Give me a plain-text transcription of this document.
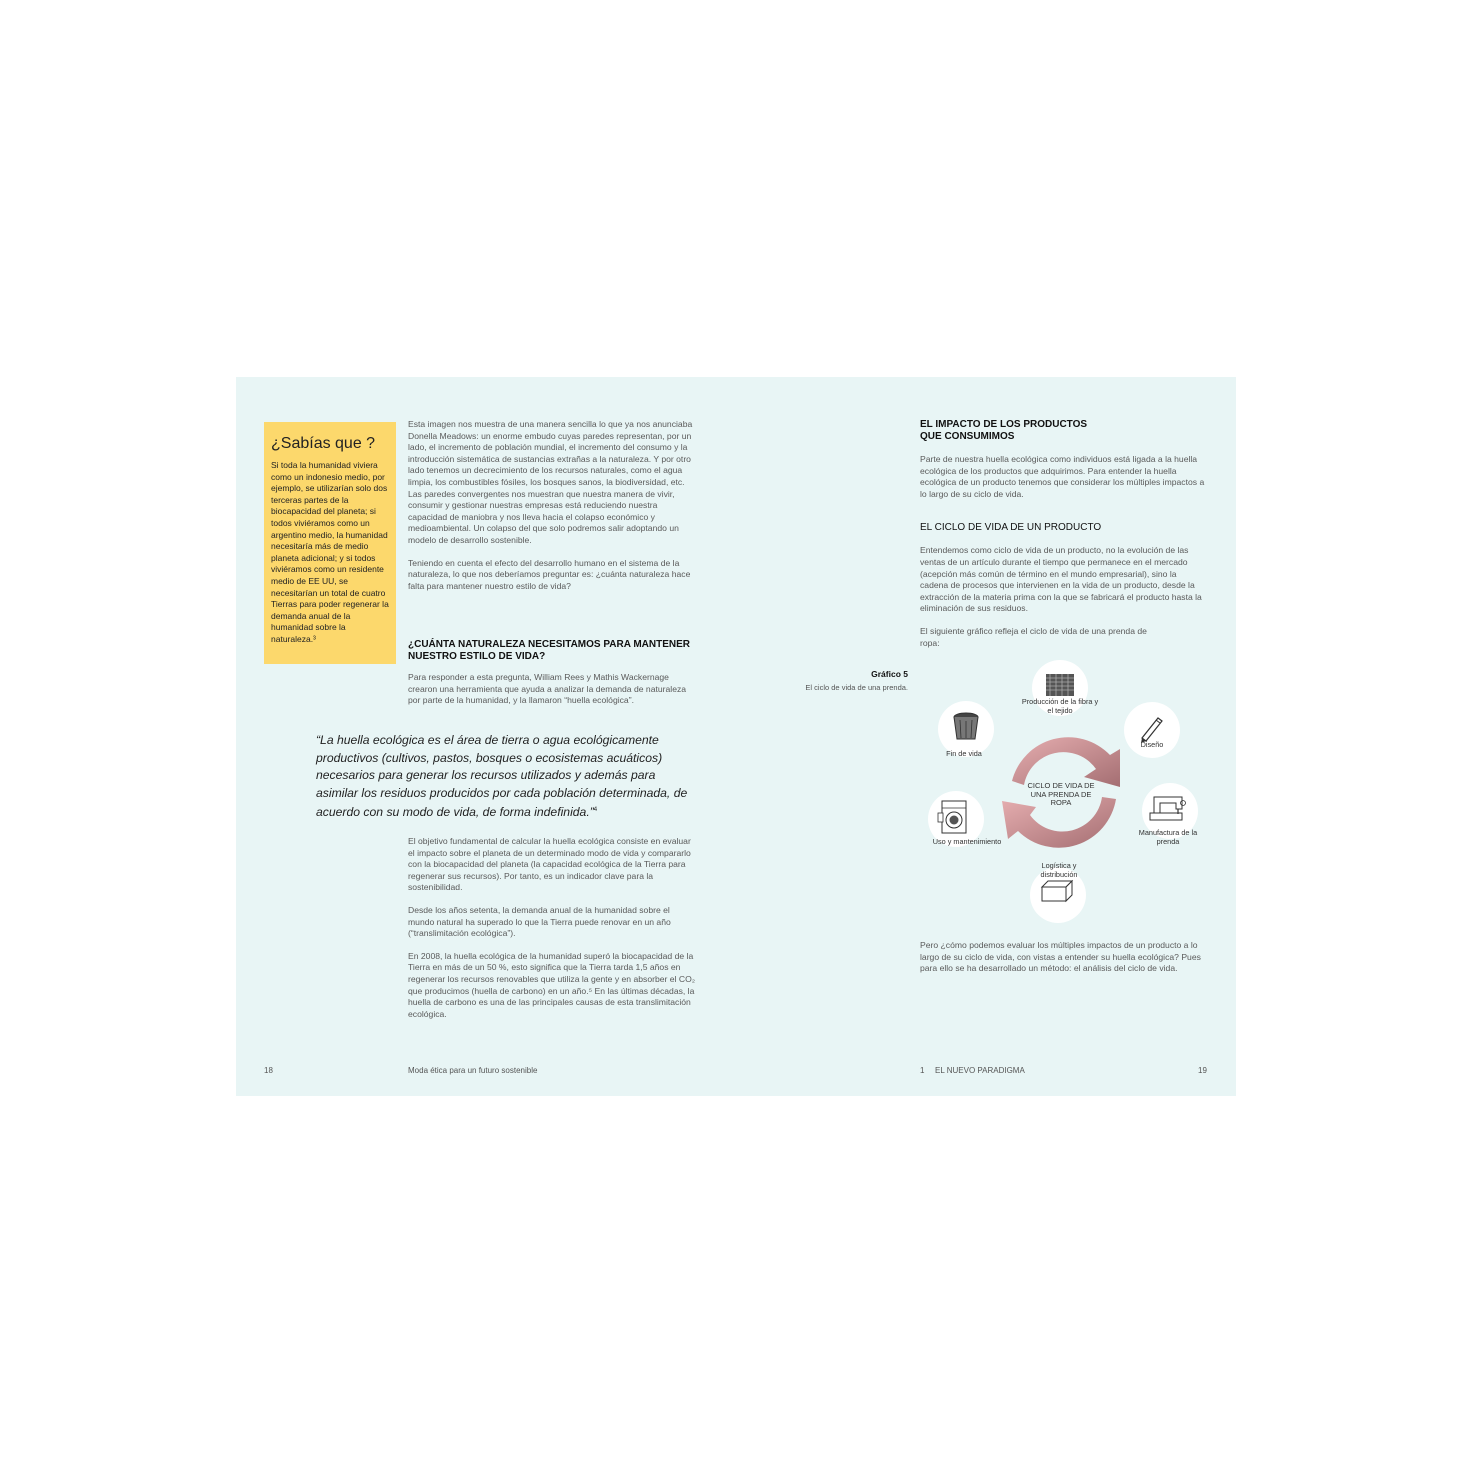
¿Sabías que ?

Si toda la humanidad viviera como un indonesio medio, por ejemplo, se utilizarían solo dos terceras partes de la biocapacidad del planeta; si todos viviéramos como un argentino medio, la humanidad necesitaría más de medio planeta adicional; y si todos viviéramos como un residente medio de EE UU, se necesitarían un total de cuatro Tierras para poder regenerar la demanda anual de la humanidad sobre la naturaleza.³

Esta imagen nos muestra de una manera sencilla lo que ya nos anunciaba Donella Meadows: un enorme embudo cuyas paredes representan, por un lado, el incremento de población mundial, el incremento del consumo y la introducción sistemática de sustancias extrañas a la naturaleza. Y por otro lado tenemos un decrecimiento de los recursos naturales, como el agua limpia, los combustibles fósiles, los bosques sanos, la biodiversidad, etc.

Las paredes convergentes nos muestran que nuestra manera de vivir, consumir y gestionar nuestras empresas está reduciendo nuestra capacidad de maniobra y nos lleva hacia el colapso económico y medioambiental. Un colapso del que solo podremos salir adoptando un modelo de desarrollo sostenible.

Teniendo en cuenta el efecto del desarrollo humano en el sistema de la naturaleza, lo que nos deberíamos preguntar es: ¿cuánta naturaleza hace falta para mantener nuestro estilo de vida?

¿CUÁNTA NATURALEZA NECESITAMOS PARA MANTENER NUESTRO ESTILO DE VIDA?

Para responder a esta pregunta, William Rees y Mathis Wackernage crearon una herramienta que ayuda a analizar la demanda de naturaleza por parte de la humanidad, y la llamaron “huella ecológica”.

“La huella ecológica es el área de tierra o agua ecológicamente productivos (cultivos, pastos, bosques o ecosistemas acuáticos) necesarios para generar los recursos utilizados y además para asimilar los residuos producidos por cada población determinada, de acuerdo con su modo de vida, de forma indefinida.”$^4$

El objetivo fundamental de calcular la huella ecológica consiste en evaluar el impacto sobre el planeta de un determinado modo de vida y compararlo con la biocapacidad del planeta (la capacidad ecológica de la Tierra para regenerar sus recursos). Por tanto, es un indicador clave para la sostenibilidad.

Desde los años setenta, la demanda anual de la humanidad sobre el mundo natural ha superado lo que la Tierra puede renovar en un año (“translimitación ecológica”).

En 2008, la huella ecológica de la humanidad superó la biocapacidad de la Tierra en más de un 50 %, esto significa que la Tierra tarda 1,5 años en regenerar los recursos renovables que utiliza la gente y en absorber el CO₂ que producimos (huella de carbono) en un año.⁵ En las últimas décadas, la huella de carbono es una de las principales causas de esta translimitación ecológica.

18	Moda ética para un futuro sostenible

EL IMPACTO DE LOS PRODUCTOS QUE CONSUMIMOS

Parte de nuestra huella ecológica como individuos está ligada a la huella ecológica de los productos que adquirimos. Para entender la huella ecológica de un producto tenemos que considerar los múltiples impactos a lo largo de su ciclo de vida.

EL CICLO DE VIDA DE UN PRODUCTO

Entendemos como ciclo de vida de un producto, no la evolución de las ventas de un artículo durante el tiempo que permanece en el mercado (acepción más común de término en el mundo empresarial), sino la cadena de procesos que intervienen en la vida de un producto, desde la extracción de la materia prima con la que se fabricará el producto hasta la eliminación de sus residuos.

El siguiente gráfico refleja el ciclo de vida de una prenda de ropa:

Gráfico 5
El ciclo de vida de una prenda.
CICLO DE VIDA DE UNA PRENDA DE ROPA
Producción de la fibra y el tejido
Diseño
Manufactura de la prenda
Logística y distribución
Uso y mantenimiento
Fin de vida

Pero ¿cómo podemos evaluar los múltiples impactos de un producto a lo largo de su ciclo de vida, con vistas a entender su huella ecológica? Pues para ello se ha desarrollado un método: el análisis del ciclo de vida.

1 EL NUEVO PARADIGMA	19
